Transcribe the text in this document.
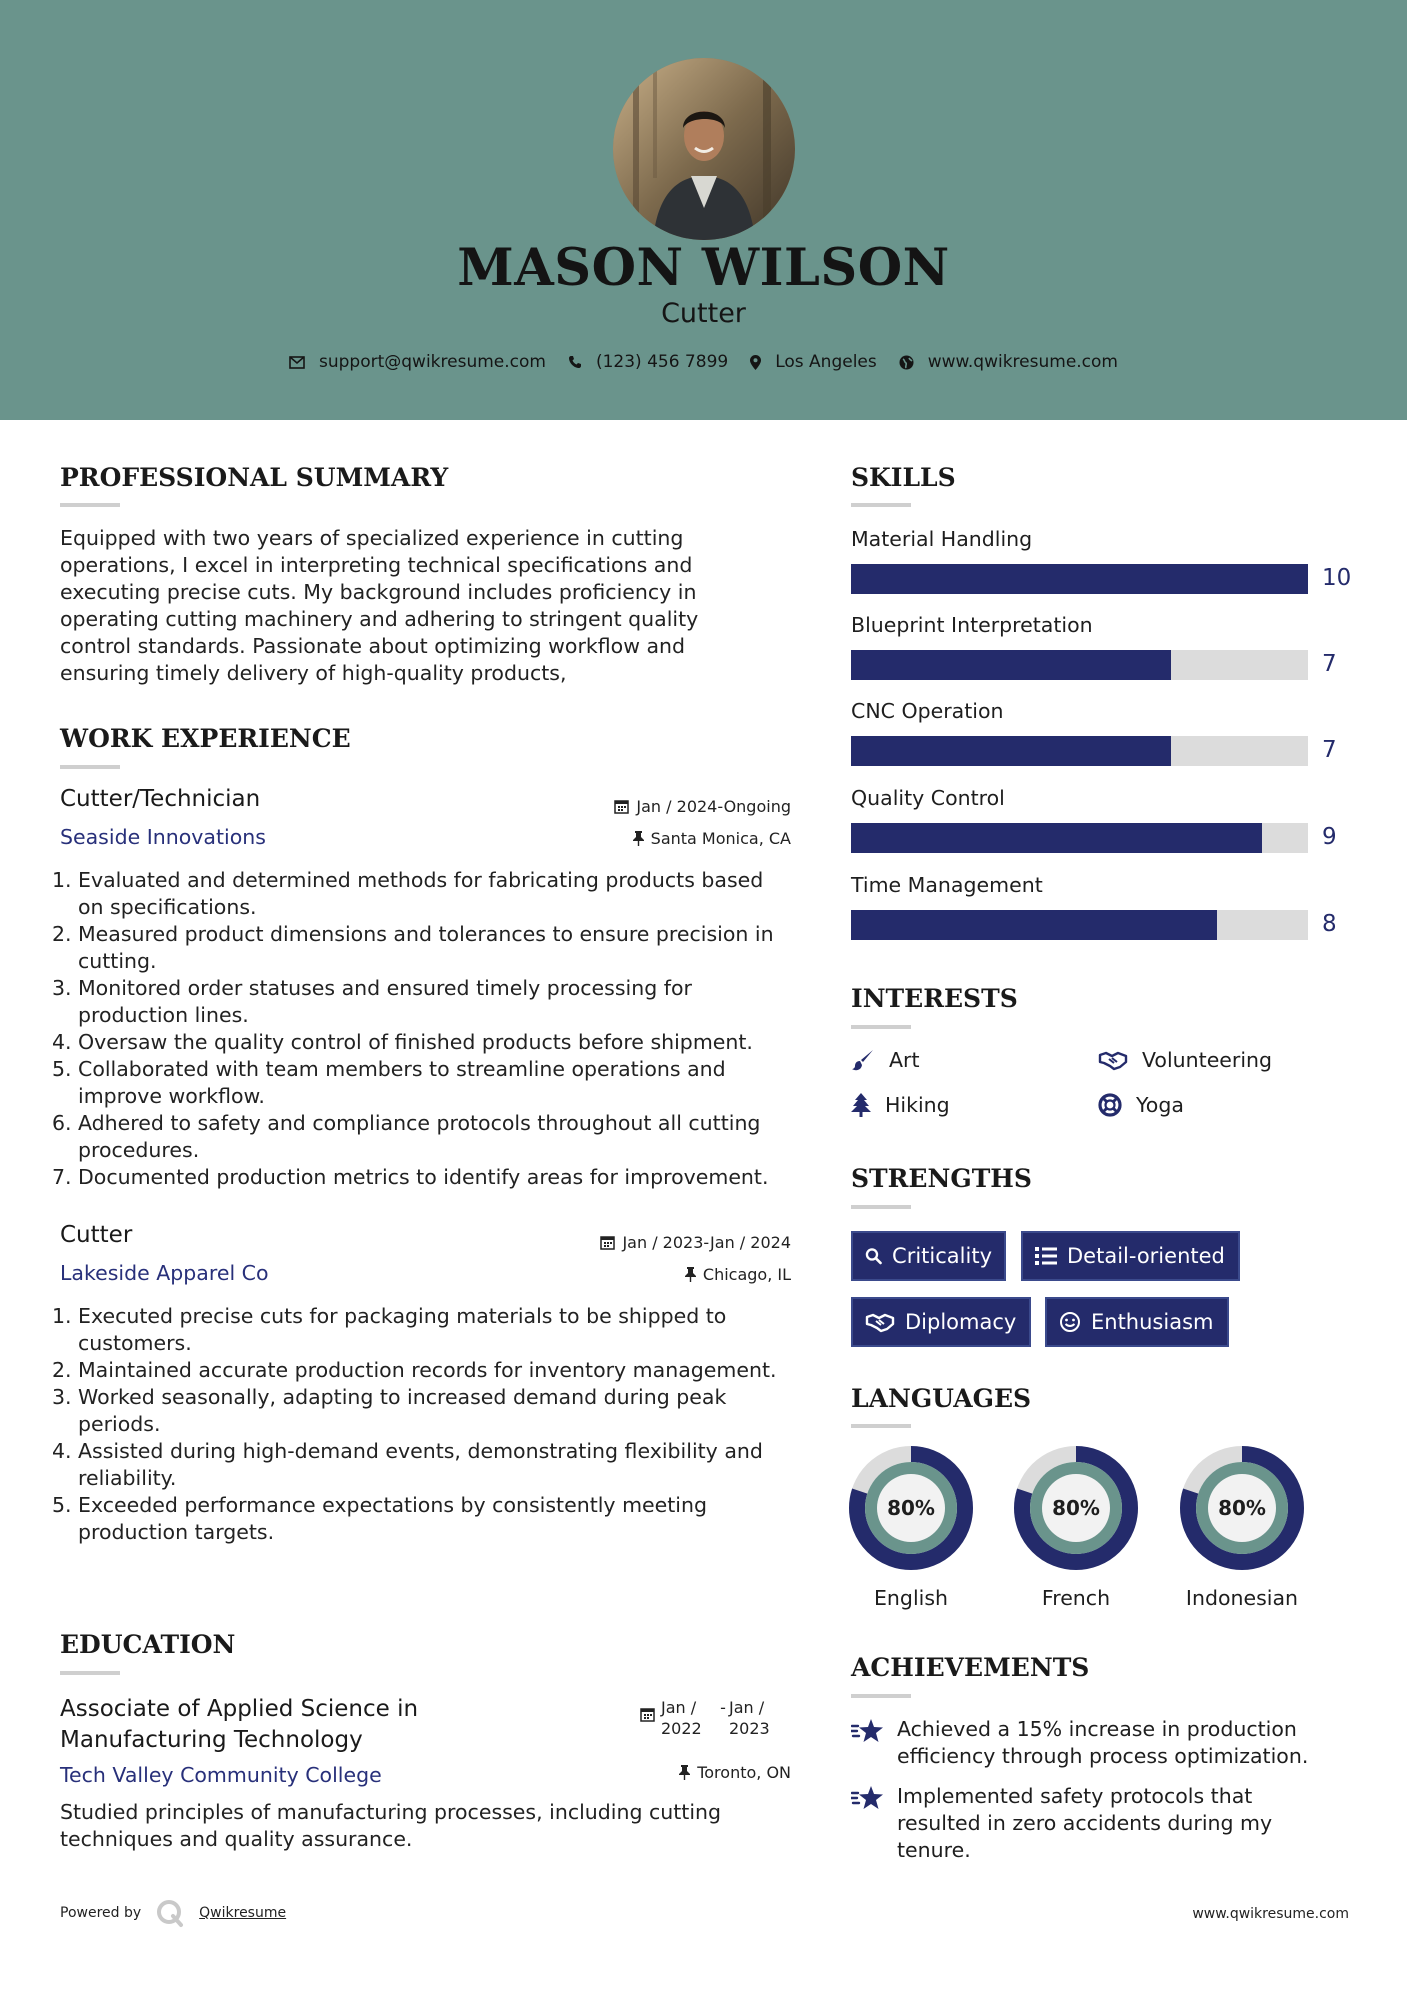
MASON WILSON
Cutter
support@qwikresume.com	(123) 456 7899	Los Angeles	www.qwikresume.com
PROFESSIONAL SUMMARY
Equipped with two years of specialized experience in cutting operations, I excel in interpreting technical specifications and executing precise cuts. My background includes proficiency in operating cutting machinery and adhering to stringent quality control standards. Passionate about optimizing workflow and ensuring timely delivery of high-quality products,
WORK EXPERIENCE
Cutter/Technician	Jan / 2024-Ongoing
Seaside Innovations	Santa Monica, CA
1. Evaluated and determined methods for fabricating products based on specifications.
2. Measured product dimensions and tolerances to ensure precision in cutting.
3. Monitored order statuses and ensured timely processing for production lines.
4. Oversaw the quality control of finished products before shipment.
5. Collaborated with team members to streamline operations and improve workflow.
6. Adhered to safety and compliance protocols throughout all cutting procedures.
7. Documented production metrics to identify areas for improvement.
Cutter	Jan / 2023-Jan / 2024
Lakeside Apparel Co	Chicago, IL
1. Executed precise cuts for packaging materials to be shipped to customers.
2. Maintained accurate production records for inventory management.
3. Worked seasonally, adapting to increased demand during peak periods.
4. Assisted during high-demand events, demonstrating flexibility and reliability.
5. Exceeded performance expectations by consistently meeting production targets.
EDUCATION
Associate of Applied Science in Manufacturing Technology
Jan / 2022
- Jan / 2023
Toronto, ON
Tech Valley Community College
Studied principles of manufacturing processes, including cutting techniques and quality assurance.
SKILLS
Material Handling
10
Blueprint Interpretation
7
CNC Operation
7
Quality Control
9
Time Management
8
INTERESTS
Art	Volunteering
Hiking	Yoga
STRENGTHS
Criticality	Detail-oriented
Diplomacy	Enthusiasm
LANGUAGES
80%
English
80%
French
80%
Indonesian
ACHIEVEMENTS
Achieved a 15% increase in production efficiency through process optimization.
Implemented safety protocols that resulted in zero accidents during my tenure.
Powered by	Qwikresume	www.qwikresume.com
